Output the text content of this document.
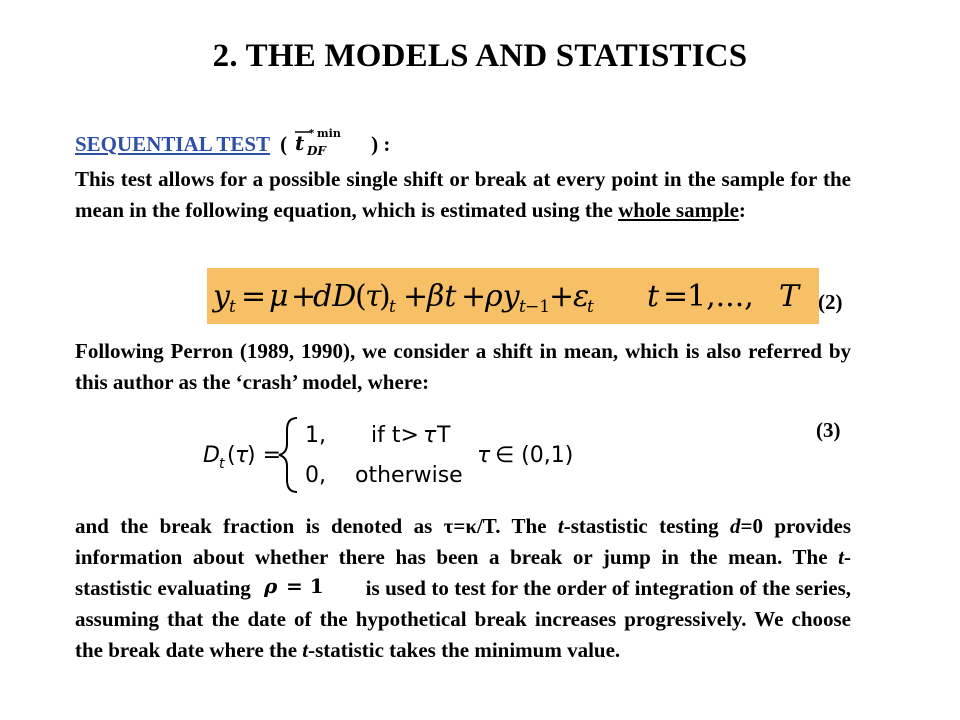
2. THE MODELS AND STATISTICS
SEQUENTIAL TEST ( t * min
DF ) :
This test allows for a possible single shift or break at every point in the sample for the mean in the following equation, which is estimated using the whole sample:
y t = μ +
dD
(
τ
)
t +
βt +
ρy t −1
+
ε
t t =
1,..., T (2)
Following Perron (1989, 1990), we consider a shift in mean, which is also referred by this author as the ‘crash’ model, where:
D t ( τ
) =
1, if t> τ T
0, otherwise
τ ∈ (0,1)
(3)
and the break fraction is denoted as τ=κ/T. The t-stastistic testing d=0 provides information about whether there has been a break or jump in the mean. The t-stastistic evaluating ρ = 1 is used to test for the order of integration of the series, assuming that the date of the hypothetical break increases progressively. We choose the break date where the t-statistic takes the minimum value.
